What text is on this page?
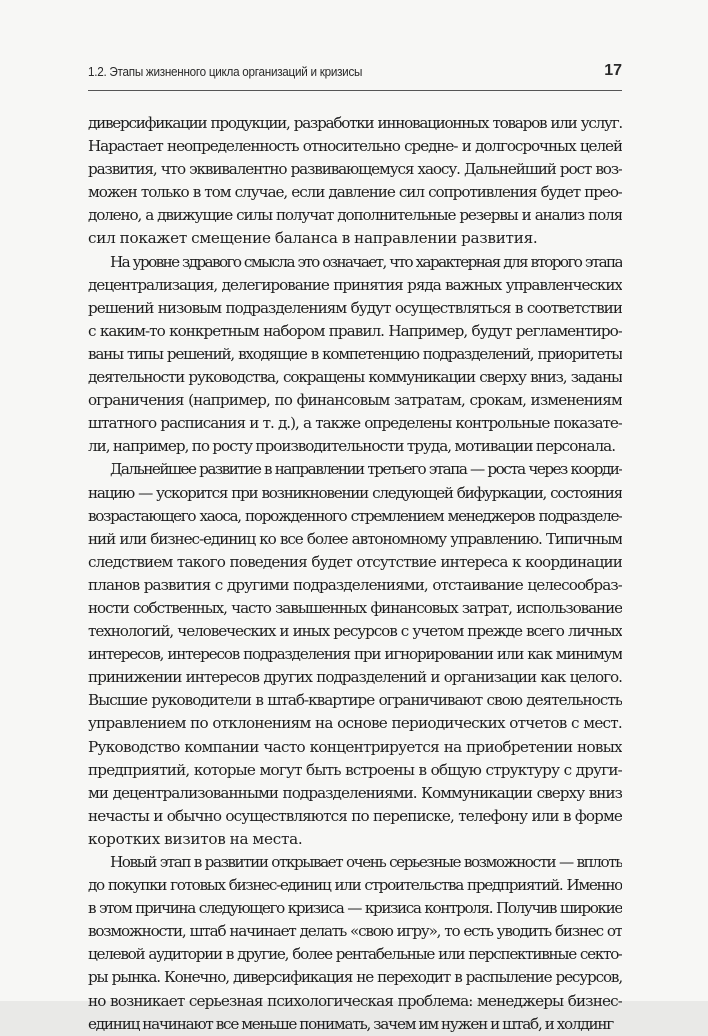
1.2. Этапы жизненного цикла организаций и кризисы	17
диверсификации продукции, разработки инновационных товаров или услуг.
Нарастает неопределенность относительно средне- и долгосрочных целей
развития, что эквивалентно развивающемуся хаосу. Дальнейший рост воз-
можен только в том случае, если давление сил сопротивления будет прео-
долено, а движущие силы получат дополнительные резервы и анализ поля
сил покажет смещение баланса в направлении развития.
На уровне здравого смысла это означает, что характерная для второго этапа
децентрализация, делегирование принятия ряда важных управленческих
решений низовым подразделениям будут осуществляться в соответствии
с каким-то конкретным набором правил. Например, будут регламентиро-
ваны типы решений, входящие в компетенцию подразделений, приоритеты
деятельности руководства, сокращены коммуникации сверху вниз, заданы
ограничения (например, по финансовым затратам, срокам, изменениям
штатного расписания и т. д.), а также определены контрольные показате-
ли, например, по росту производительности труда, мотивации персонала.
Дальнейшее развитие в направлении третьего этапа — роста через коорди-
нацию — ускорится при возникновении следующей бифуркации, состояния
возрастающего хаоса, порожденного стремлением менеджеров подразделе-
ний или бизнес-единиц ко все более автономному управлению. Типичным
следствием такого поведения будет отсутствие интереса к координации
планов развития с другими подразделениями, отстаивание целесообраз-
ности собственных, часто завышенных финансовых затрат, использование
технологий, человеческих и иных ресурсов с учетом прежде всего личных
интересов, интересов подразделения при игнорировании или как минимум
принижении интересов других подразделений и организации как целого.
Высшие руководители в штаб-квартире ограничивают свою деятельность
управлением по отклонениям на основе периодических отчетов с мест.
Руководство компании часто концентрируется на приобретении новых
предприятий, которые могут быть встроены в общую структуру с други-
ми децентрализованными подразделениями. Коммуникации сверху вниз
нечасты и обычно осуществляются по переписке, телефону или в форме
коротких визитов на места.
Новый этап в развитии открывает очень серьезные возможности — вплоть
до покупки готовых бизнес-единиц или строительства предприятий. Именно
в этом причина следующего кризиса — кризиса контроля. Получив широкие
возможности, штаб начинает делать «свою игру», то есть уводить бизнес от
целевой аудитории в другие, более рентабельные или перспективные секто-
ры рынка. Конечно, диверсификация не переходит в распыление ресурсов,
но возникает серьезная психологическая проблема: менеджеры бизнес-
единиц начинают все меньше понимать, зачем им нужен и штаб, и холдинг
